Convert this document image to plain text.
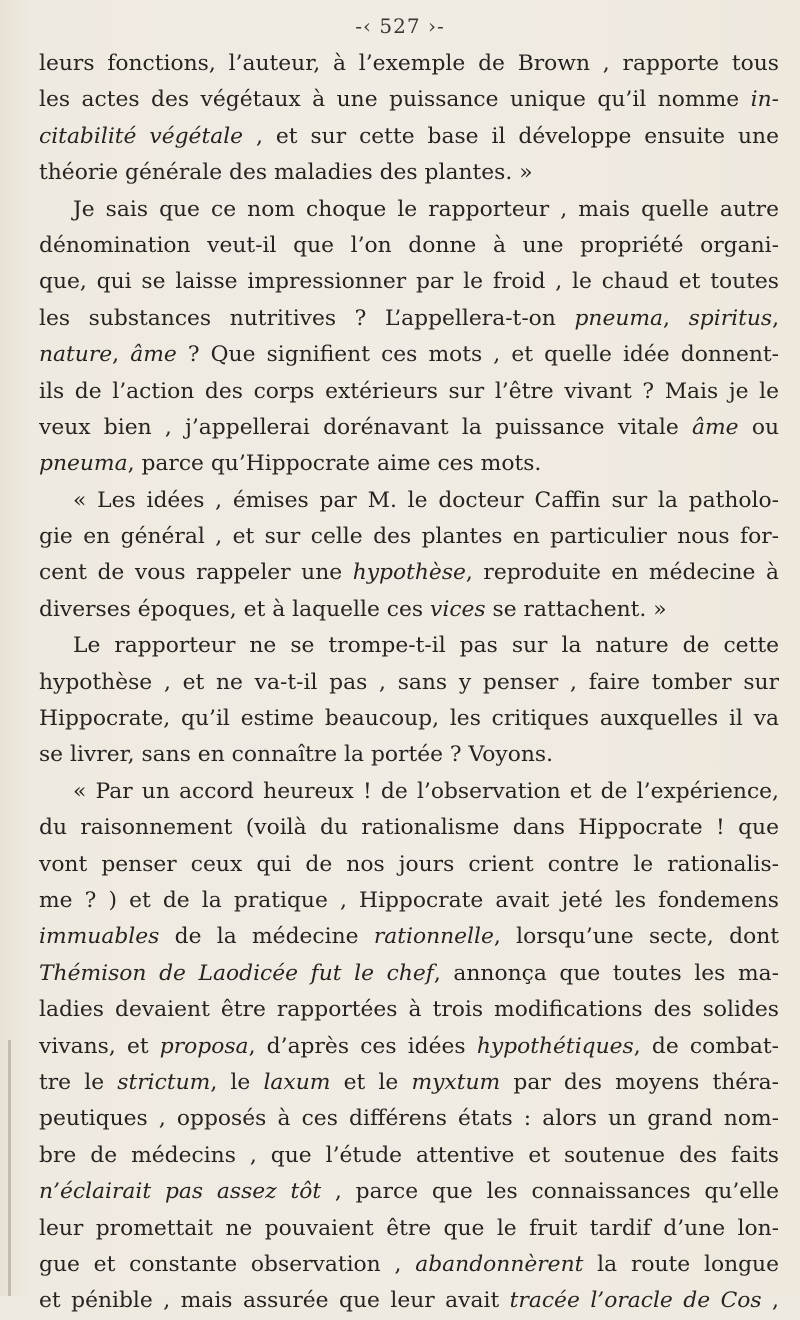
-‹ 527 ›-
leurs fonctions, l’auteur, à l’exemple de Brown , rapporte tous
les actes des végétaux à une puissance unique qu’il nomme in-
citabilité végétale , et sur cette base il développe ensuite une
théorie générale des maladies des plantes. »
Je sais que ce nom choque le rapporteur , mais quelle autre
dénomination veut-il que l’on donne à une propriété organi-
que, qui se laisse impressionner par le froid , le chaud et toutes
les substances nutritives ? L’appellera-t-on pneuma, spiritus,
nature, âme ? Que signifient ces mots , et quelle idée donnent-
ils de l’action des corps extérieurs sur l’être vivant ? Mais je le
veux bien , j’appellerai dorénavant la puissance vitale âme ou
pneuma, parce qu’Hippocrate aime ces mots.
« Les idées , émises par M. le docteur Caffin sur la patholo-
gie en général , et sur celle des plantes en particulier nous for-
cent de vous rappeler une hypothèse, reproduite en médecine à
diverses époques, et à laquelle ces vices se rattachent. »
Le rapporteur ne se trompe-t-il pas sur la nature de cette
hypothèse , et ne va-t-il pas , sans y penser , faire tomber sur
Hippocrate, qu’il estime beaucoup, les critiques auxquelles il va
se livrer, sans en connaître la portée ? Voyons.
« Par un accord heureux ! de l’observation et de l’expérience,
du raisonnement (voilà du rationalisme dans Hippocrate ! que
vont penser ceux qui de nos jours crient contre le rationalis-
me ? ) et de la pratique , Hippocrate avait jeté les fondemens
immuables de la médecine rationnelle, lorsqu’une secte, dont
Thémison de Laodicée fut le chef, annonça que toutes les ma-
ladies devaient être rapportées à trois modifications des solides
vivans, et proposa, d’après ces idées hypothétiques, de combat-
tre le strictum, le laxum et le myxtum par des moyens théra-
peutiques , opposés à ces différens états : alors un grand nom-
bre de médecins , que l’étude attentive et soutenue des faits
n’éclairait pas assez tôt , parce que les connaissances qu’elle
leur promettait ne pouvaient être que le fruit tardif d’une lon-
gue et constante observation , abandonnèrent la route longue
et pénible , mais assurée que leur avait tracée l’oracle de Cos ,
